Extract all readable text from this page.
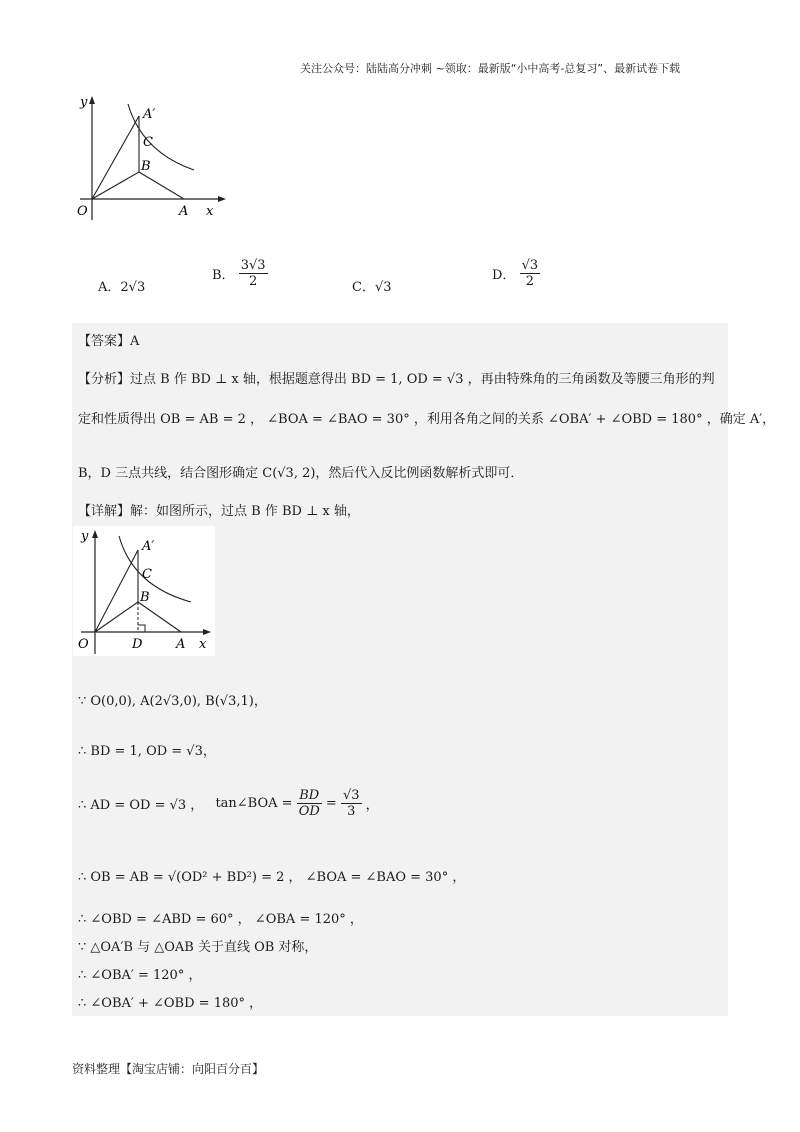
关注公众号：陆陆高分冲刺 ~领取：最新版“小中高考-总复习”、最新试卷下载
y
A′
C
B
O	A x
A．2√3
B． $\frac{3√3}{2}$	C．√3
D． $\frac{√3}{2}$
【答案】A
【分析】过点 B 作 BD ⊥ x 轴，根据题意得出 BD = 1, OD = √3 ，再由特殊角的三角函数及等腰三角形的判
定和性质得出 OB = AB = 2 ， ∠BOA = ∠BAO = 30° ，利用各角之间的关系 ∠OBA′ + ∠OBD = 180° ，确定 A′，
B，D 三点共线，结合图形确定 C(√3, 2)，然后代入反比例函数解析式即可．
【详解】解：如图所示，过点 B 作 BD ⊥ x 轴，
y
A′
C
B
O	D	A x
∵ O(0,0), A(2√3,0), B(√3,1)，
∴ BD = 1, OD = √3，
∴ AD = OD = √3 ， tan∠BOA = $\frac{BD}{OD} = \frac{√3}{3}$ ，
∴ OB = AB = √(OD² + BD²) = 2 ， ∠BOA = ∠BAO = 30° ，
∴ ∠OBD = ∠ABD = 60° ， ∠OBA = 120° ，
∵ △OA′B 与 △OAB 关于直线 OB 对称，
∴ ∠OBA′ = 120° ，
∴ ∠OBA′ + ∠OBD = 180° ，
资料整理【淘宝店铺：向阳百分百】
